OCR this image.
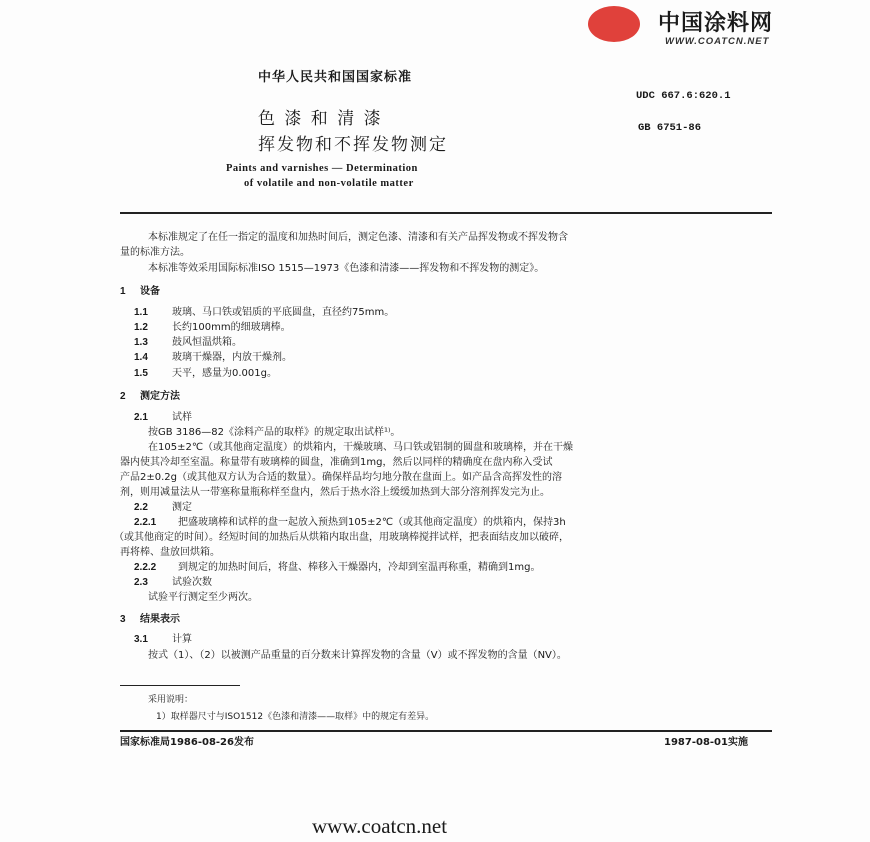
中国涂料网
WWW.COATCN.NET
中华人民共和国国家标准
色 漆 和 清 漆
挥发物和不挥发物测定
Paints and varnishes — Determination
of volatile and non-volatile matter
UDC 667.6:620.1
GB 6751-86
本标准规定了在任一指定的温度和加热时间后，测定色漆、清漆和有关产品挥发物或不挥发物含
量的标准方法。
本标准等效采用国际标准ISO 1515—1973《色漆和清漆——挥发物和不挥发物的测定》。
1 设备
1.1 玻璃、马口铁或铝质的平底圆盘，直径约75mm。
1.2 长约100mm的细玻璃棒。
1.3 鼓风恒温烘箱。
1.4 玻璃干燥器，内放干燥剂。
1.5 天平，感量为0.001g。
2 测定方法
2.1 试样
按GB 3186—82《涂料产品的取样》的规定取出试样¹⁾。
在105±2℃（或其他商定温度）的烘箱内，干燥玻璃、马口铁或铝制的圆盘和玻璃棒，并在干燥
器内使其冷却至室温。称量带有玻璃棒的圆盘，准确到1mg，然后以同样的精确度在盘内称入受试
产品2±0.2g（或其他双方认为合适的数量）。确保样品均匀地分散在盘面上。如产品含高挥发性的溶
剂，则用减量法从一带塞称量瓶称样至盘内，然后于热水浴上缓缓加热到大部分溶剂挥发完为止。
2.2 测定
2.2.1 把盛玻璃棒和试样的盘一起放入预热到105±2℃（或其他商定温度）的烘箱内，保持3h
（或其他商定的时间）。经短时间的加热后从烘箱内取出盘，用玻璃棒搅拌试样，把表面结皮加以破碎，
再将棒、盘放回烘箱。
2.2.2 到规定的加热时间后，将盘、棒移入干燥器内，冷却到室温再称重，精确到1mg。
2.3 试验次数
试验平行测定至少两次。
3 结果表示
3.1 计算
按式（1）、（2）以被测产品重量的百分数来计算挥发物的含量（V）或不挥发物的含量（NV）。
采用说明：
1）取样器尺寸与ISO1512《色漆和清漆——取样》中的规定有差异。
国家标准局1986-08-26发布	1987-08-01实施
www.coatcn.net
